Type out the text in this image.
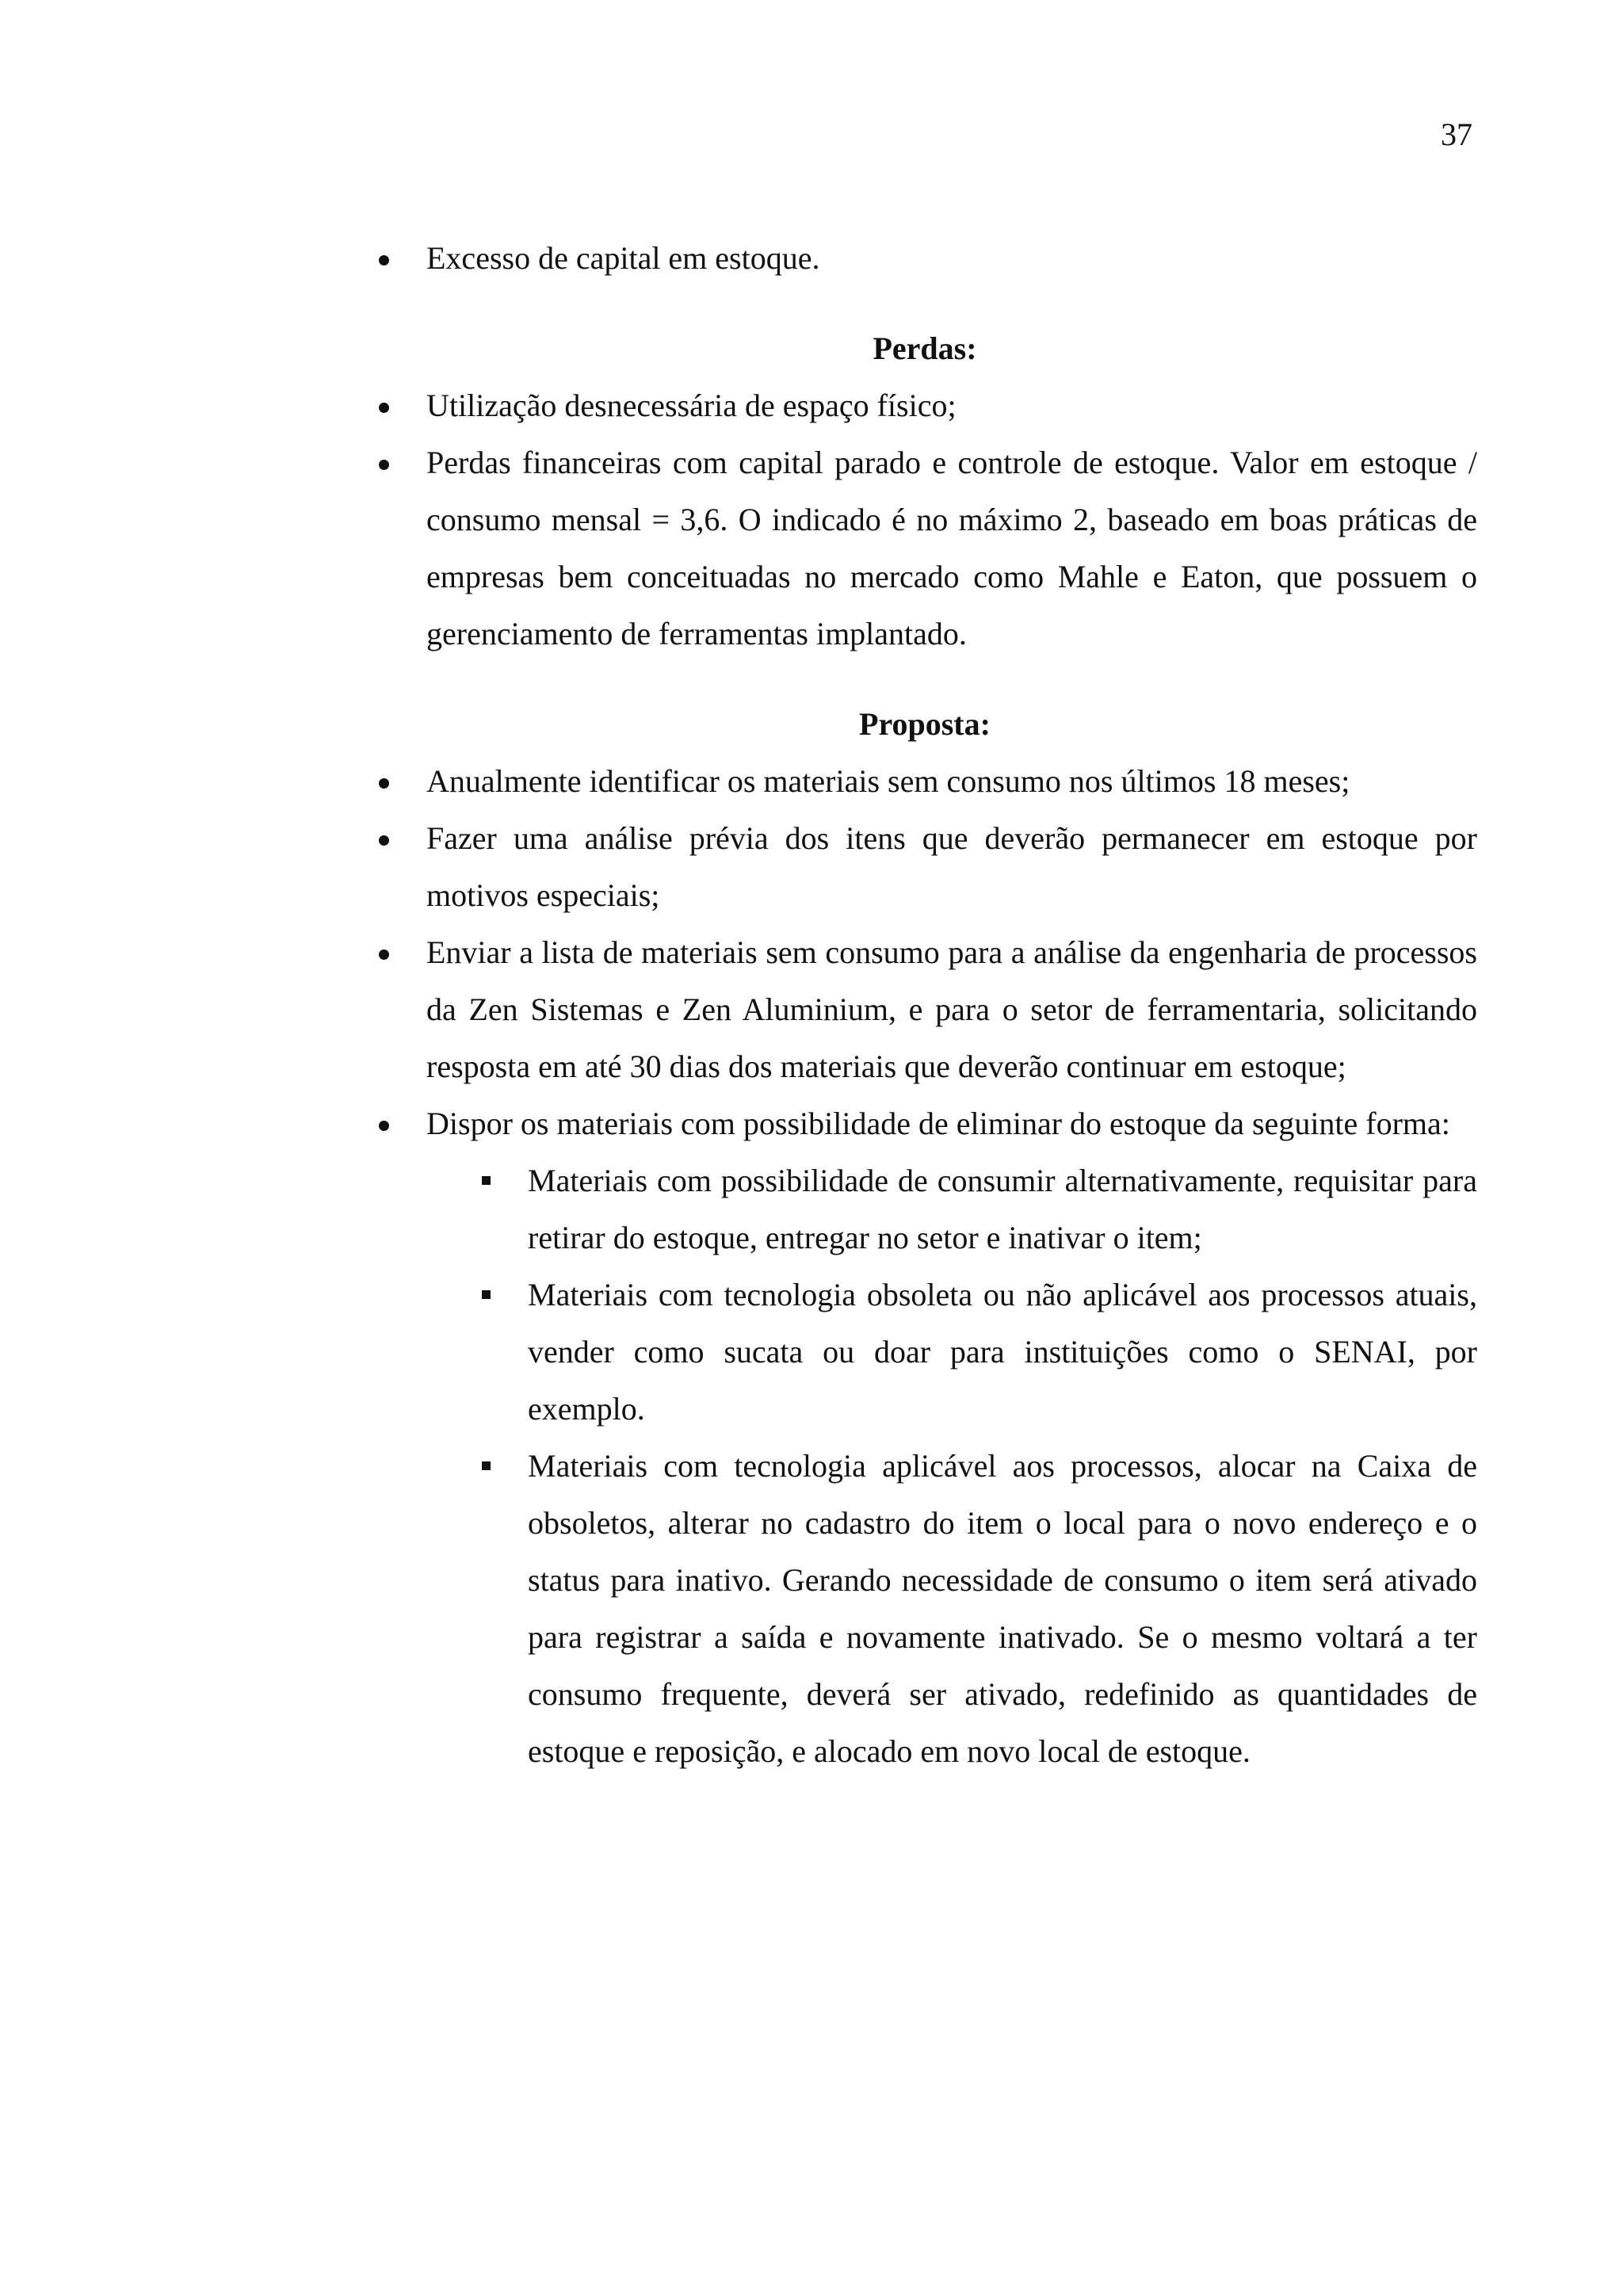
37
Excesso de capital em estoque.

Perdas:

Utilização desnecessária de espaço físico;
Perdas financeiras com capital parado e controle de estoque. Valor em estoque / consumo mensal = 3,6. O indicado é no máximo 2, baseado em boas práticas de empresas bem conceituadas no mercado como Mahle e Eaton, que possuem o gerenciamento de ferramentas implantado.

Proposta:

Anualmente identificar os materiais sem consumo nos últimos 18 meses;
Fazer uma análise prévia dos itens que deverão permanecer em estoque por motivos especiais;
Enviar a lista de materiais sem consumo para a análise da engenharia de processos da Zen Sistemas e Zen Aluminium, e para o setor de ferramentaria, solicitando resposta em até 30 dias dos materiais que deverão continuar em estoque;
Dispor os materiais com possibilidade de eliminar do estoque da seguinte forma:
Materiais com possibilidade de consumir alternativamente, requisitar para retirar do estoque, entregar no setor e inativar o item;
Materiais com tecnologia obsoleta ou não aplicável aos processos atuais, vender como sucata ou doar para instituições como o SENAI, por exemplo.
Materiais com tecnologia aplicável aos processos, alocar na Caixa de obsoletos, alterar no cadastro do item o local para o novo endereço e o status para inativo. Gerando necessidade de consumo o item será ativado para registrar a saída e novamente inativado. Se o mesmo voltará a ter consumo frequente, deverá ser ativado, redefinido as quantidades de estoque e reposição, e alocado em novo local de estoque.
